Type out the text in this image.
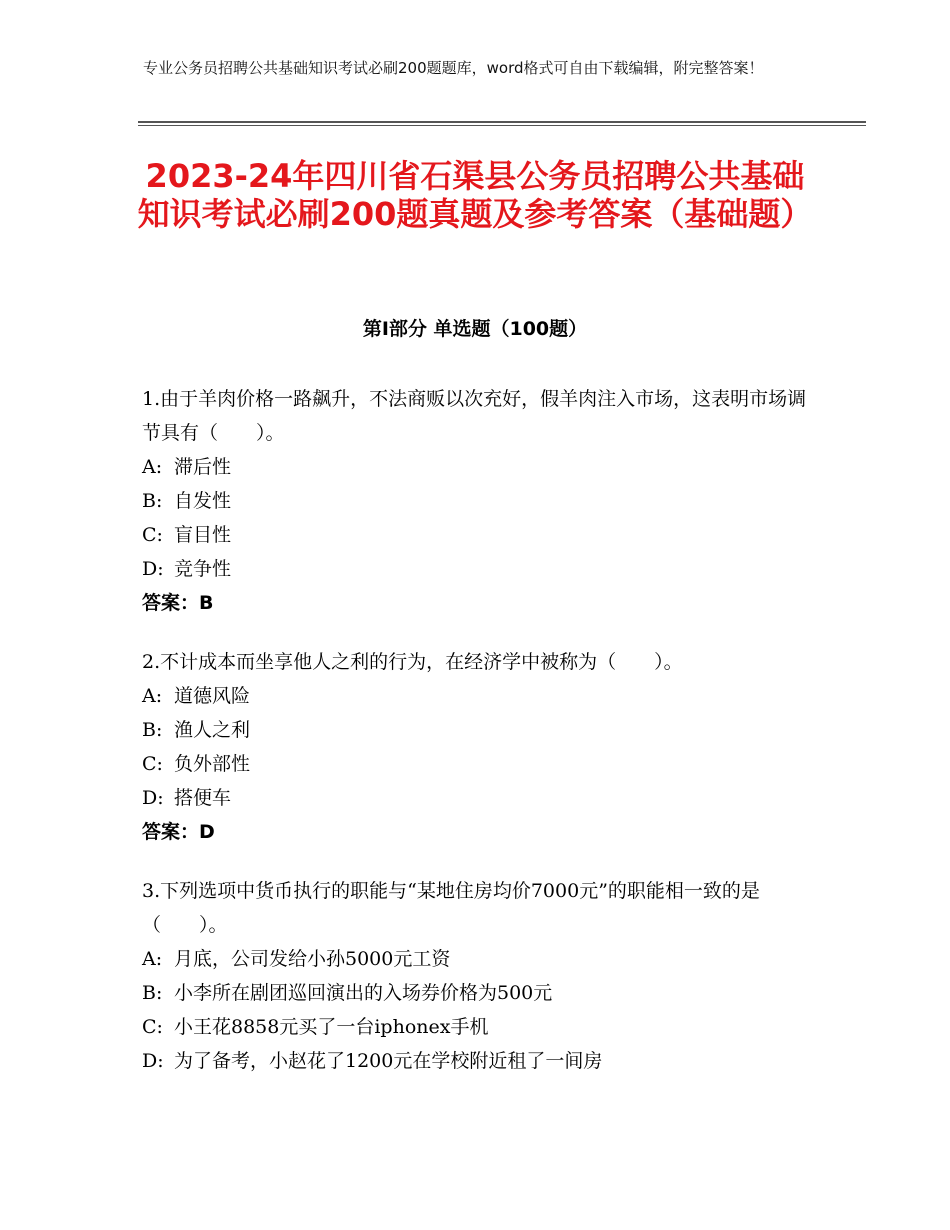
专业公务员招聘公共基础知识考试必刷200题题库，word格式可自由下载编辑，附完整答案！
2023-24年四川省石渠县公务员招聘公共基础知识考试必刷200题真题及参考答案（基础题）
第Ⅰ部分 单选题（100题）
1.由于羊肉价格一路飙升，不法商贩以次充好，假羊肉注入市场，这表明市场调节具有（　　）。
A: 滞后性
B: 自发性
C: 盲目性
D: 竞争性
答案：B
2.不计成本而坐享他人之利的行为，在经济学中被称为（　　）。
A: 道德风险
B: 渔人之利
C: 负外部性
D: 搭便车
答案：D
3.下列选项中货币执行的职能与“某地住房均价7000元”的职能相一致的是（　　）。
A: 月底，公司发给小孙5000元工资
B: 小李所在剧团巡回演出的入场券价格为500元
C: 小王花8858元买了一台iphonex手机
D: 为了备考，小赵花了1200元在学校附近租了一间房
